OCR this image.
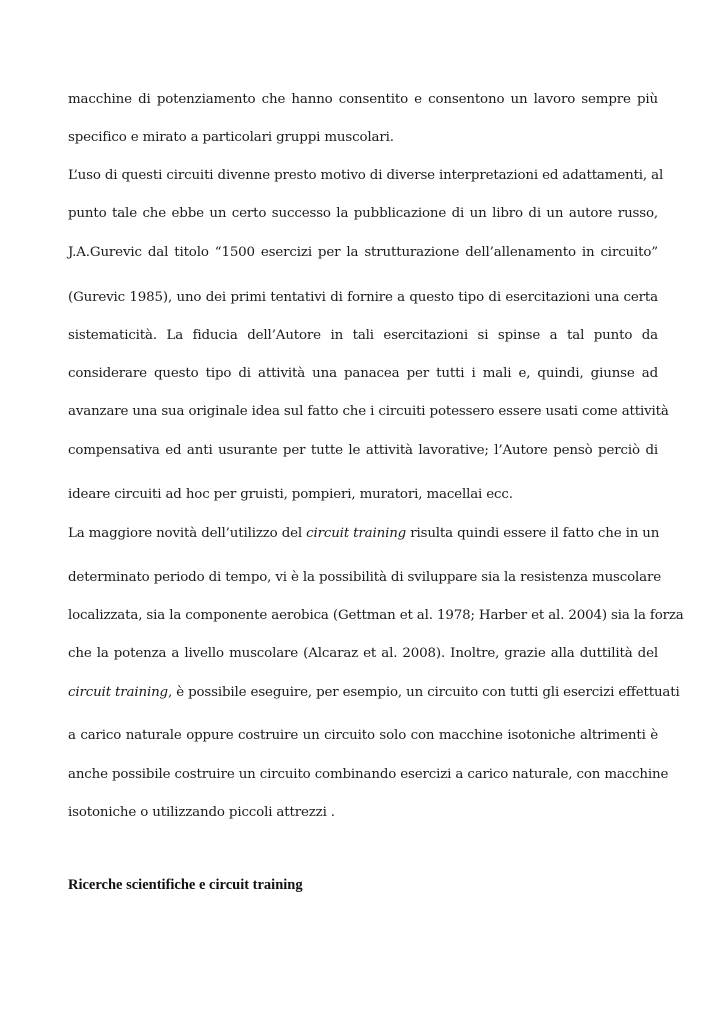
macchine di potenziamento che hanno consentito e consentono un lavoro sempre più
specifico e mirato a particolari gruppi muscolari.
L’uso di questi circuiti divenne presto motivo di diverse interpretazioni ed adattamenti, al
punto tale che ebbe un certo successo la pubblicazione di un libro di un autore russo,
J.A.Gurevic dal titolo “1500 esercizi per la strutturazione dell’allenamento in circuito”
(Gurevic 1985), uno dei primi tentativi di fornire a questo tipo di esercitazioni una certa
sistematicità. La fiducia dell’Autore in tali esercitazioni si spinse a tal punto da
considerare questo tipo di attività una panacea per tutti i mali e, quindi, giunse ad
avanzare una sua originale idea sul fatto che i circuiti potessero essere usati come attività
compensativa ed anti usurante per tutte le attività lavorative; l’Autore pensò perciò di
ideare circuiti ad hoc per gruisti, pompieri, muratori, macellai ecc.
La maggiore novità dell’utilizzo del circuit training risulta quindi essere il fatto che in un
determinato periodo di tempo, vi è la possibilità di sviluppare sia la resistenza muscolare
localizzata, sia la componente aerobica (Gettman et al. 1978; Harber et al. 2004) sia la forza
che la potenza a livello muscolare (Alcaraz et al. 2008). Inoltre, grazie alla duttilità del
circuit training, è possibile eseguire, per esempio, un circuito con tutti gli esercizi effettuati
a carico naturale oppure costruire un circuito solo con macchine isotoniche altrimenti è
anche possibile costruire un circuito combinando esercizi a carico naturale, con macchine
isotoniche o utilizzando piccoli attrezzi .
Ricerche scientifiche e circuit training
